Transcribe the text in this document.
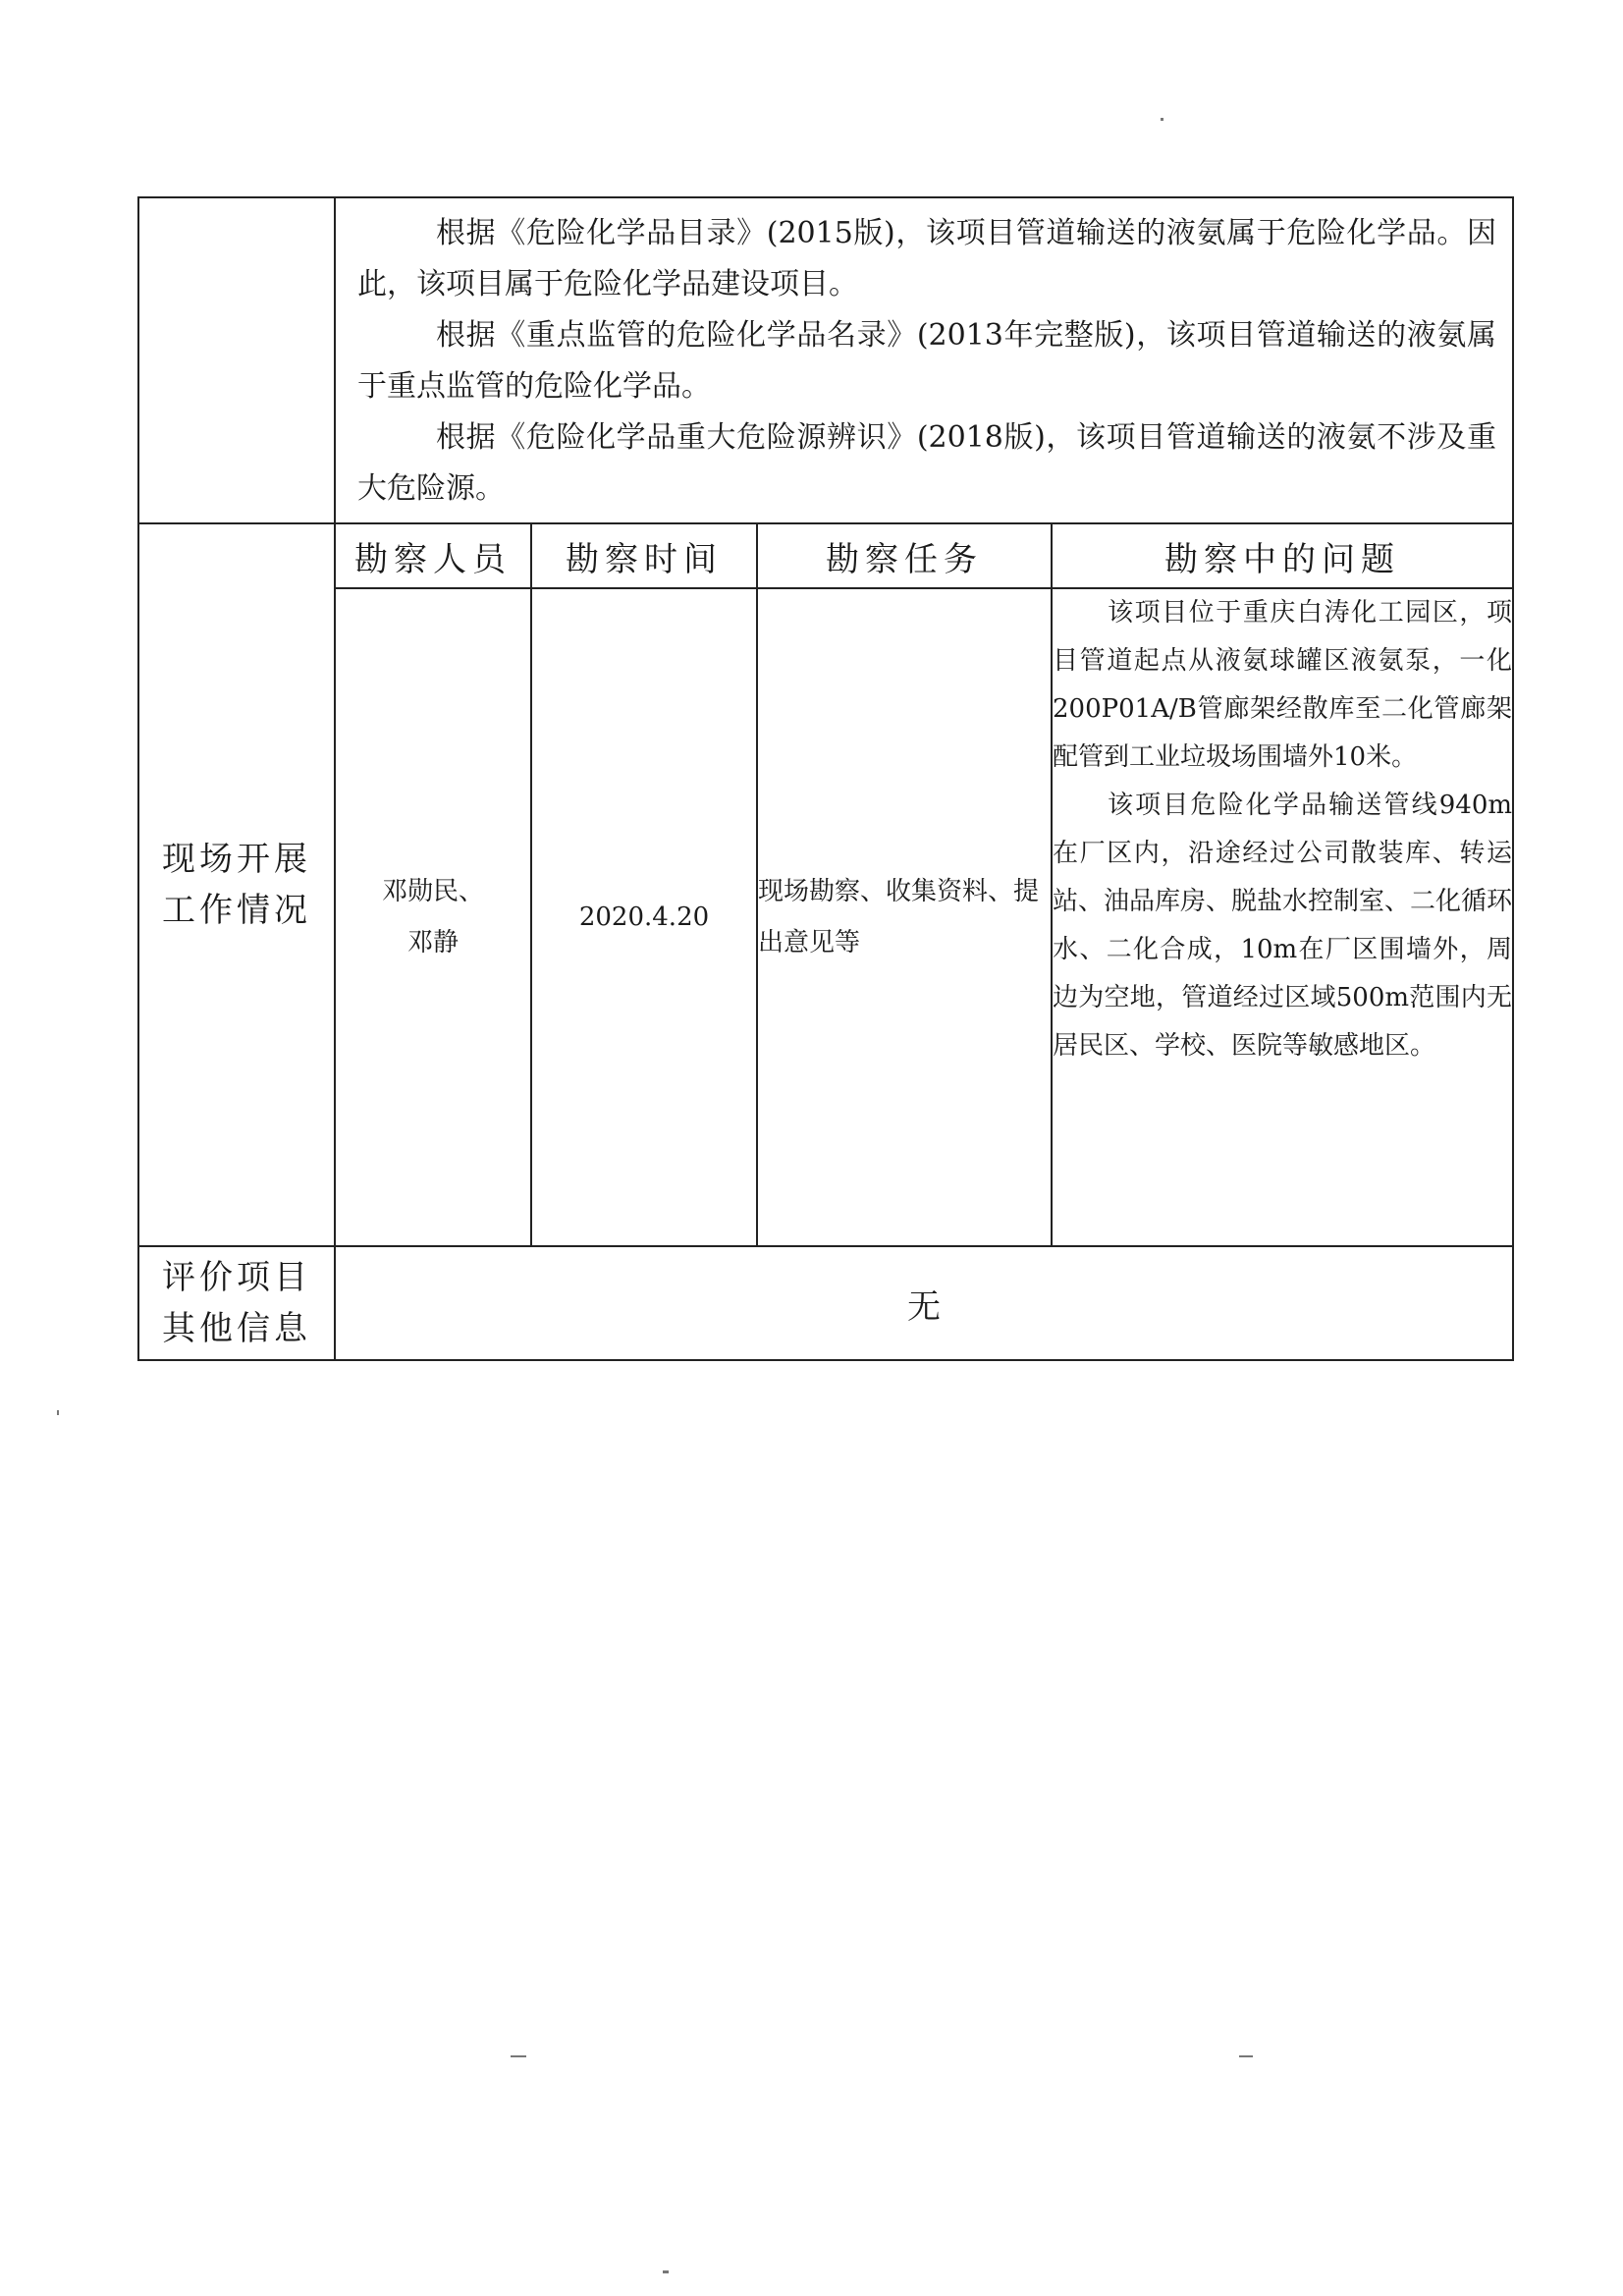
	根据《危险化学品目录》(2015版)，该项目管道输送的液氨属于危险化学品。因此，该项目属于危险化学品建设项目。

根据《重点监管的危险化学品名录》(2013年完整版)，该项目管道输送的液氨属于重点监管的危险化学品。

根据《危险化学品重大危险源辨识》(2018版)，该项目管道输送的液氨不涉及重大危险源。			

现场开展工作情况	勘察人员	勘察时间	勘察任务	勘察中的问题
	邓勋民、邓静	2020.4.20	现场勘察、收集资料、提出意见等	该项目位于重庆白涛化工园区，项目管道起点从液氨球罐区液氨泵，一化200P01A/B管廊架经散库至二化管廊架配管到工业垃圾场围墙外10米。

该项目危险化学品输送管线940m在厂区内，沿途经过公司散装库、转运站、油品库房、脱盐水控制室、二化循环水、二化合成，10m在厂区围墙外，周边为空地，管道经过区域500m范围内无居民区、学校、医院等敏感地区。

评价项目其他信息	无			
